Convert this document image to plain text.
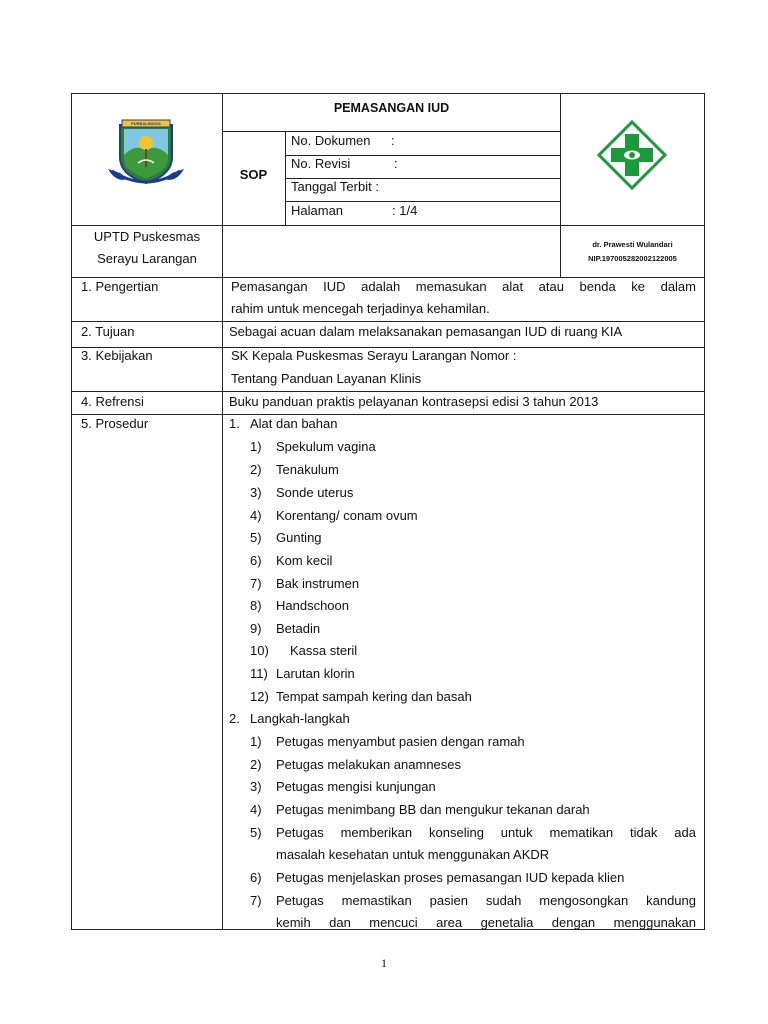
PURBALINGGA
PEMASANGAN IUD
SOP
No. Dokumen :
No. Revisi	:
Tanggal Terbit :
Halaman	: 1/4
UPTD Puskesmas
Serayu Larangan
dr. Prawesti Wulandari
NIP.197005282002122005
1. Pengertian	Pemasangan IUD adalah memasukan alat atau benda ke dalam
rahim untuk mencegah terjadinya kehamilan.
2. Tujuan	Sebagai acuan dalam melaksanakan pemasangan IUD di ruang KIA
3. Kebijakan	SK Kepala Puskesmas Serayu Larangan Nomor :
Tentang Panduan Layanan Klinis
4. Refrensi	Buku panduan praktis pelayanan kontrasepsi edisi 3 tahun 2013
5. Prosedur	1. Alat dan bahan
1) Spekulum vagina
2) Tenakulum
3) Sonde uterus
4) Korentang/ conam ovum
5) Gunting
6) Kom kecil
7) Bak instrumen
8) Handschoon
9) Betadin
10) Kassa steril
11) Larutan klorin
12) Tempat sampah kering dan basah
2. Langkah-langkah
1) Petugas menyambut pasien dengan ramah
2) Petugas melakukan anamneses
3) Petugas mengisi kunjungan
4) Petugas menimbang BB dan mengukur tekanan darah
5) Petugas memberikan konseling untuk mematikan tidak ada
masalah kesehatan untuk menggunakan AKDR
6) Petugas menjelaskan proses pemasangan IUD kepada klien
7) Petugas memastikan pasien sudah mengosongkan kandung
kemih dan mencuci area genetalia dengan menggunakan
1
